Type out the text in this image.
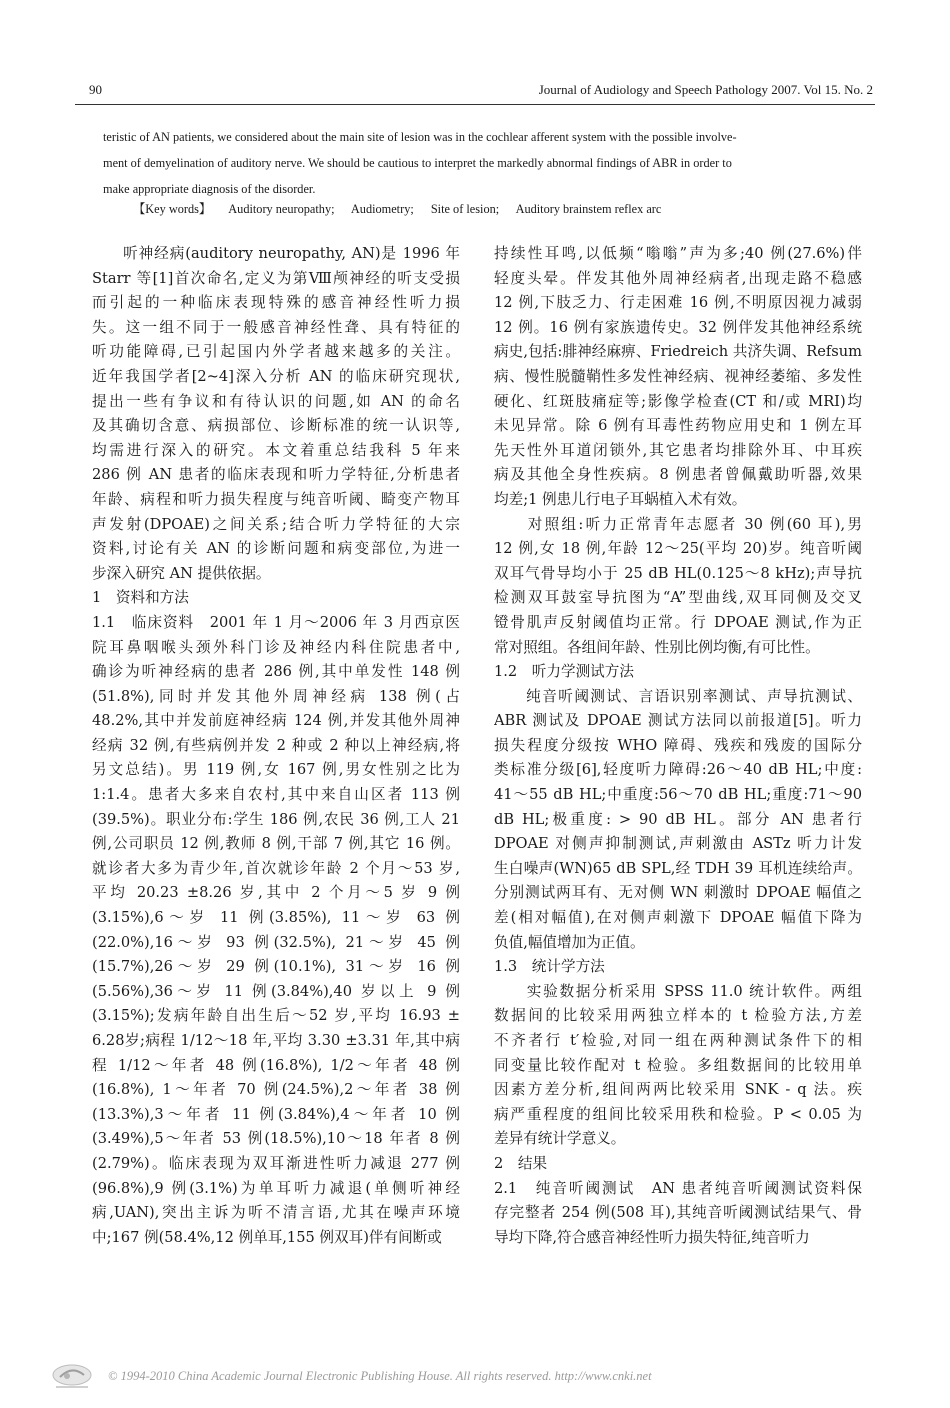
90	Journal of Audiology and Speech Pathology 2007. Vol 15. No. 2
teristic of AN patients, we considered about the main site of lesion was in the cochlear afferent system with the possible involve-
ment of demyelination of auditory nerve. We should be cautious to interpret the markedly abnormal findings of ABR in order to
make appropriate diagnosis of the disorder.
【Key words】 Auditory neuropathy; Audiometry; Site of lesion; Auditory brainstem reflex arc
　　听神经病(auditory neuropathy, AN)是 1996 年
Starr 等[1]首次命名,定义为第Ⅷ颅神经的听支受损
而引起的一种临床表现特殊的感音神经性听力损
失。这一组不同于一般感音神经性聋、具有特征的
听功能障碍,已引起国内外学者越来越多的关注。
近年我国学者[2~4]深入分析 AN 的临床研究现状,
提出一些有争议和有待认识的问题,如 AN 的命名
及其确切含意、病损部位、诊断标准的统一认识等,
均需进行深入的研究。本文着重总结我科 5 年来
286 例 AN 患者的临床表现和听力学特征,分析患者
年龄、病程和听力损失程度与纯音听阈、畸变产物耳
声发射(DPOAE)之间关系;结合听力学特征的大宗
资料,讨论有关 AN 的诊断问题和病变部位,为进一
步深入研究 AN 提供依据。
1　资料和方法
1.1　临床资料　2001 年 1 月～2006 年 3 月西京医
院耳鼻咽喉头颈外科门诊及神经内科住院患者中,
确诊为听神经病的患者 286 例,其中单发性 148 例
(51.8%),同时并发其他外周神经病 138 例(占
48.2%,其中并发前庭神经病 124 例,并发其他外周神
经病 32 例,有些病例并发 2 种或 2 种以上神经病,将
另文总结)。男 119 例,女 167 例,男女性别之比为
1:1.4。患者大多来自农村,其中来自山区者 113 例
(39.5%)。职业分布:学生 186 例,农民 36 例,工人 21
例,公司职员 12 例,教师 8 例,干部 7 例,其它 16 例。
就诊者大多为青少年,首次就诊年龄 2 个月～53 岁,
平均 20.23 ±8.26 岁,其中 2 个月～5 岁 9 例
(3.15%),6～岁 11 例(3.85%), 11～岁 63 例
(22.0%),16～岁 93 例(32.5%), 21～岁 45 例
(15.7%),26～岁 29 例(10.1%), 31～岁 16 例
(5.56%),36～岁 11 例(3.84%),40 岁以上 9 例
(3.15%);发病年龄自出生后～52 岁,平均 16.93 ±
6.28岁;病程 1/12～18 年,平均 3.30 ±3.31 年,其中病
程 1/12～年者 48 例(16.8%), 1/2～年者 48 例
(16.8%), 1～年者 70 例(24.5%),2～年者 38 例
(13.3%),3～年者 11 例(3.84%),4～年者 10 例
(3.49%),5～年者 53 例(18.5%),10～18 年者 8 例
(2.79%)。临床表现为双耳渐进性听力减退 277 例
(96.8%),9 例(3.1%)为单耳听力减退(单侧听神经
病,UAN),突出主诉为听不清言语,尤其在噪声环境
中;167 例(58.4%,12 例单耳,155 例双耳)伴有间断或
持续性耳鸣,以低频“嗡嗡”声为多;40 例(27.6%)伴
轻度头晕。伴发其他外周神经病者,出现走路不稳感
12 例,下肢乏力、行走困难 16 例,不明原因视力减弱
12 例。16 例有家族遗传史。32 例伴发其他神经系统
病史,包括:腓神经麻痹、Friedreich 共济失调、Refsum
病、慢性脱髓鞘性多发性神经病、视神经萎缩、多发性
硬化、红斑肢痛症等;影像学检查(CT 和/或 MRI)均
未见异常。除 6 例有耳毒性药物应用史和 1 例左耳
先天性外耳道闭锁外,其它患者均排除外耳、中耳疾
病及其他全身性疾病。8 例患者曾佩戴助听器,效果
均差;1 例患儿行电子耳蜗植入术有效。
　　对照组:听力正常青年志愿者 30 例(60 耳),男
12 例,女 18 例,年龄 12～25(平均 20)岁。纯音听阈
双耳气骨导均小于 25 dB HL(0.125～8 kHz);声导抗
检测双耳鼓室导抗图为“A”型曲线,双耳同侧及交叉
镫骨肌声反射阈值均正常。行 DPOAE 测试,作为正
常对照组。各组间年龄、性别比例均衡,有可比性。
1.2　听力学测试方法
　　纯音听阈测试、言语识别率测试、声导抗测试、
ABR 测试及 DPOAE 测试方法同以前报道[5]。听力
损失程度分级按 WHO 障碍、残疾和残废的国际分
类标准分级[6],轻度听力障碍:26～40 dB HL;中度:
41～55 dB HL;中重度:56～70 dB HL;重度:71～90
dB HL;极重度: > 90 dB HL。部分 AN 患者行
DPOAE 对侧声抑制测试,声刺激由 ASTz 听力计发
生白噪声(WN)65 dB SPL,经 TDH 39 耳机连续给声。
分别测试两耳有、无对侧 WN 刺激时 DPOAE 幅值之
差(相对幅值),在对侧声刺激下 DPOAE 幅值下降为
负值,幅值增加为正值。
1.3　统计学方法
　　实验数据分析采用 SPSS 11.0 统计软件。两组
数据间的比较采用两独立样本的 t 检验方法,方差
不齐者行 t′检验,对同一组在两种测试条件下的相
同变量比较作配对 t 检验。多组数据间的比较用单
因素方差分析,组间两两比较采用 SNK - q 法。疾
病严重程度的组间比较采用秩和检验。P < 0.05 为
差异有统计学意义。
2　结果
2.1　纯音听阈测试　AN 患者纯音听阈测试资料保
存完整者 254 例(508 耳),其纯音听阈测试结果气、骨
导均下降,符合感音神经性听力损失特征,纯音听力
© 1994-2010 China Academic Journal Electronic Publishing House. All rights reserved. http://www.cnki.net
